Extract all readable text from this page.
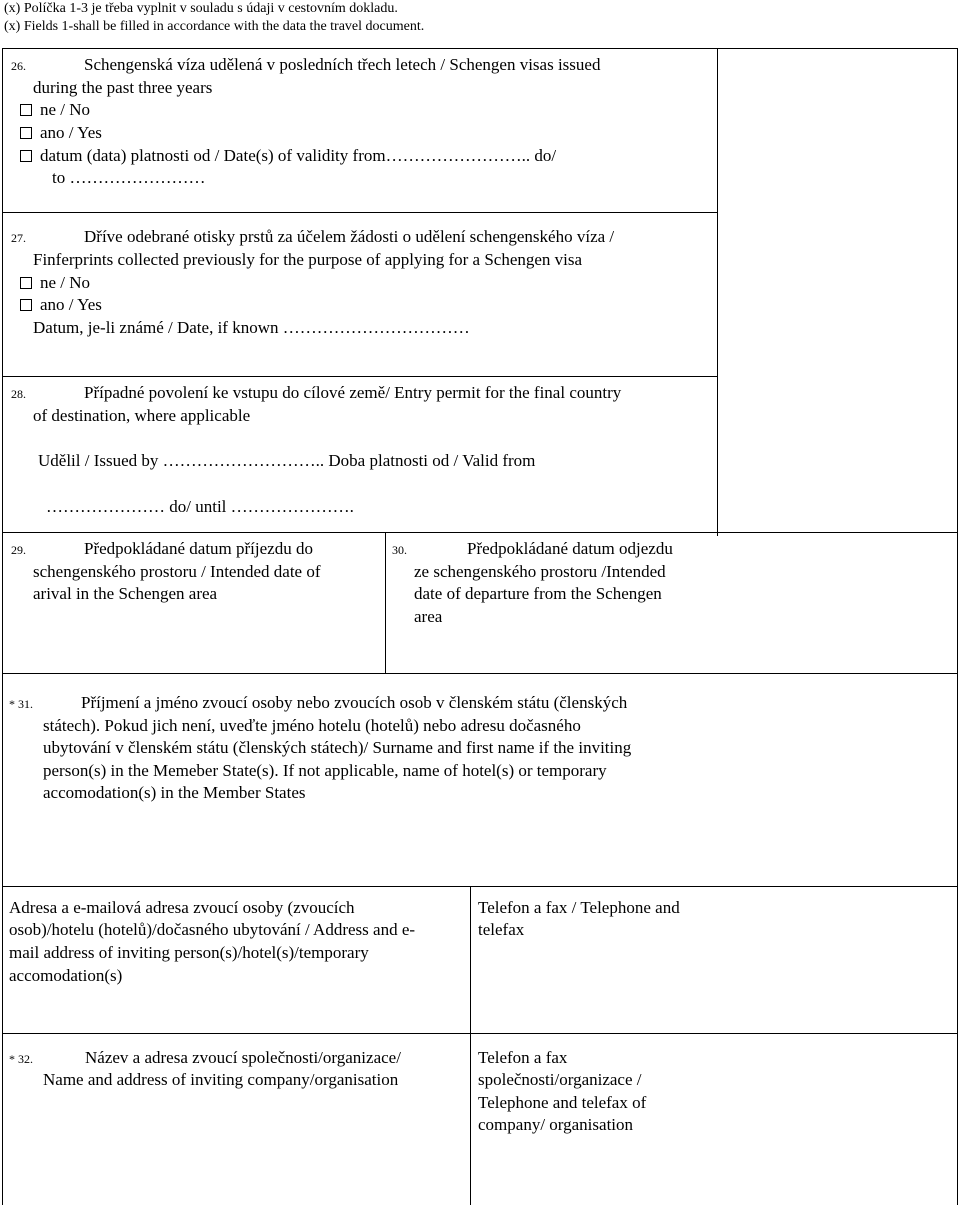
(x) Políčka 1-3 je třeba vyplnit v souladu s údaji v cestovním dokladu.
(x) Fields 1-shall be filled in accordance with the data the travel document.
26.	Schengenská víza udělená v posledních třech letech / Schengen visas issued
during the past three years
ne / No
ano / Yes
datum (data) platnosti od / Date(s) of validity from…………………….. do/
to ……………………
27.	Dříve odebrané otisky prstů za účelem žádosti o udělení schengenského víza /
Finferprints collected previously for the purpose of applying for a Schengen visa
ne / No
ano / Yes
Datum, je-li známé / Date, if known ……………………………
28.	Případné povolení ke vstupu do cílové země/ Entry permit for the final country
of destination, where applicable
Udělil / Issued by ……………………….. Doba platnosti od / Valid from
………………… do/ until ………………….
29.	Předpokládané datum příjezdu do
schengenského prostoru / Intended date of
arival in the Schengen area
30.	Předpokládané datum odjezdu
ze schengenského prostoru /Intended
date of departure from the Schengen
area
* 31.	Příjmení a jméno zvoucí osoby nebo zvoucích osob v členském státu (členských
státech). Pokud jich není, uveďte jméno hotelu (hotelů) nebo adresu dočasného
ubytování v členském státu (členských státech)/ Surname and first name if the inviting
person(s) in the Memeber State(s). If not applicable, name of hotel(s) or temporary
accomodation(s) in the Member States
Adresa a e-mailová adresa zvoucí osoby (zvoucích
osob)/hotelu (hotelů)/dočasného ubytování / Address and e-
mail address of inviting person(s)/hotel(s)/temporary
accomodation(s)
Telefon a fax / Telephone and
telefax
* 32.	Název a adresa zvoucí společnosti/organizace/
Name and address of inviting company/organisation
Telefon a fax
společnosti/organizace /
Telephone and telefax of
company/ organisation
